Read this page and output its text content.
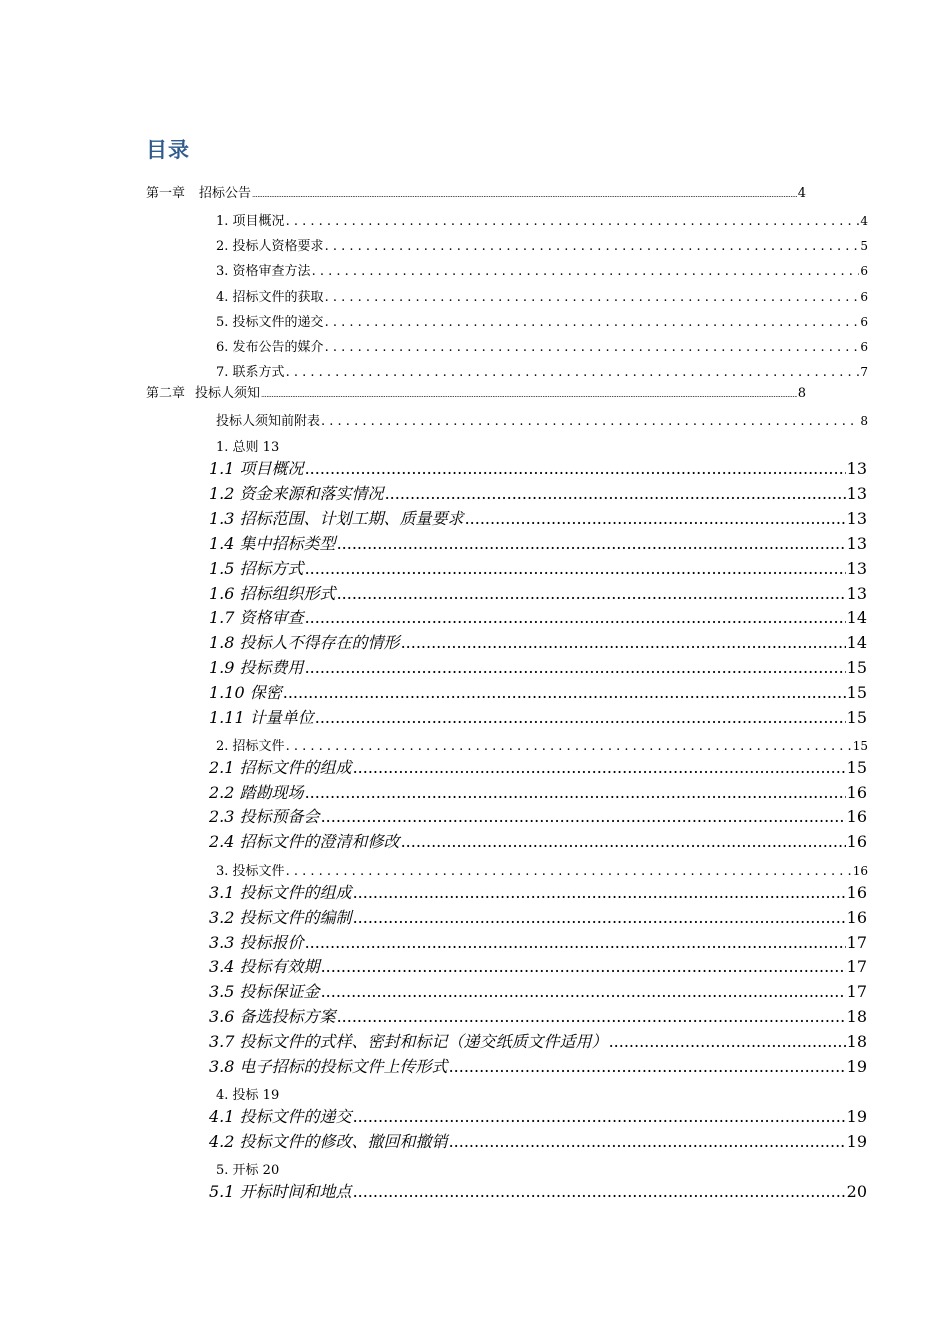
目录
第一章 招标公告 .....	4
1. 项目概况 . . .	4
2. 投标人资格要求 . . .	5
3. 资格审查方法 . . .	6
4. 招标文件的获取 . . .	6
5. 投标文件的递交 . . .	6
6. 发布公告的媒介 . . .	6
7. 联系方式 . . .	7
第二章 投标人须知 .....	8
投标人须知前附表 . . .	8
1. 总则 13
1.1 项目概况 .....	13
1.2 资金来源和落实情况 .....	13
1.3 招标范围、计划工期、质量要求 .....	13
1.4 集中招标类型 .....	13
1.5 招标方式 .....	13
1.6 招标组织形式 .....	13
1.7 资格审查 .....	14
1.8 投标人不得存在的情形 .....	14
1.9 投标费用 .....	15
1.10 保密 .....	15
1.11 计量单位 .....	15
2. 招标文件 . . .	15
2.1 招标文件的组成 .....	15
2.2 踏勘现场 .....	16
2.3 投标预备会 .....	16
2.4 招标文件的澄清和修改 .....	16
3. 投标文件 . . .	16
3.1 投标文件的组成 .....	16
3.2 投标文件的编制 .....	16
3.3 投标报价 .....	17
3.4 投标有效期 .....	17
3.5 投标保证金 .....	17
3.6 备选投标方案 .....	18
3.7 投标文件的式样、密封和标记（递交纸质文件适用） .....	18
3.8 电子招标的投标文件上传形式 .....	19
4. 投标 19
4.1 投标文件的递交 .....	19
4.2 投标文件的修改、撤回和撤销 .....	19
5. 开标 20
5.1 开标时间和地点 .....	20
